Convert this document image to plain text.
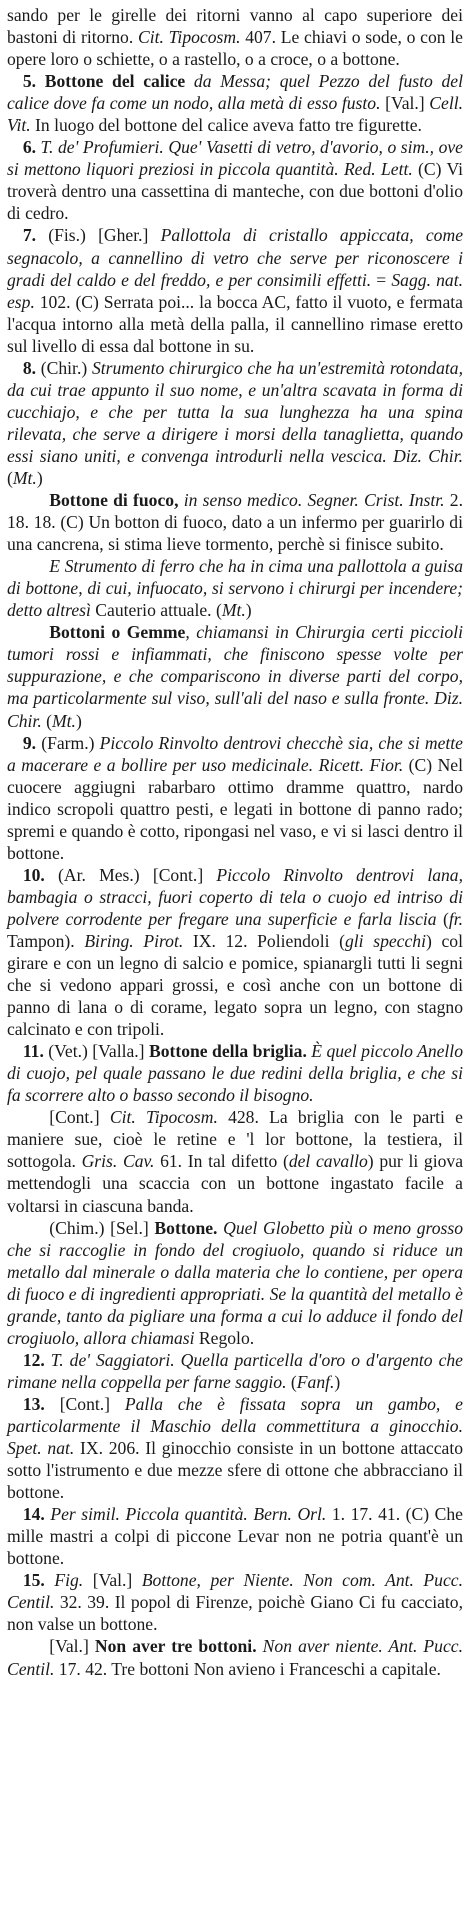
sando per le girelle dei ritorni vanno al capo superiore dei bastoni di ritorno. Cit. Tipocosm. 407. Le chiavi o sode, o con le opere loro o schiette, o a rastello, o a croce, o a bottone.

5. Bottone del calice da Messa; quel Pezzo del fusto del calice dove fa come un nodo, alla metà di esso fusto. [Val.] Cell. Vit. In luogo del bottone del calice aveva fatto tre figurette.

6. T. de' Profumieri. Que' Vasetti di vetro, d'avorio, o sim., ove si mettono liquori preziosi in piccola quantità. Red. Lett. (C) Vi troverà dentro una cassettina di manteche, con due bottoni d'olio di cedro.

7. (Fis.) [Gher.] Pallottola di cristallo appiccata, come segnacolo, a cannellino di vetro che serve per riconoscere i gradi del caldo e del freddo, e per consimili effetti. = Sagg. nat. esp. 102. (C) Serrata poi... la bocca AC, fatto il vuoto, e fermata l'acqua intorno alla metà della palla, il cannellino rimase eretto sul livello di essa dal bottone in su.

8. (Chir.) Strumento chirurgico che ha un'estremità rotondata, da cui trae appunto il suo nome, e un'altra scavata in forma di cucchiajo, e che per tutta la sua lunghezza ha una spina rilevata, che serve a dirigere i morsi della tanaglietta, quando essi siano uniti, e convenga introdurli nella vescica. Diz. Chir. (Mt.)

Bottone di fuoco, in senso medico. Segner. Crist. Instr. 2. 18. 18. (C) Un botton di fuoco, dato a un infermo per guarirlo di una cancrena, si stima lieve tormento, perchè si finisce subito.

E Strumento di ferro che ha in cima una pallottola a guisa di bottone, di cui, infuocato, si servono i chirurgi per incendere; detto altresì Cauterio attuale. (Mt.)

Bottoni o Gemme, chiamansi in Chirurgia certi piccioli tumori rossi e infiammati, che finiscono spesse volte per suppurazione, e che compariscono in diverse parti del corpo, ma particolarmente sul viso, sull'ali del naso e sulla fronte. Diz. Chir. (Mt.)

9. (Farm.) Piccolo Rinvolto dentrovi checchè sia, che si mette a macerare e a bollire per uso medicinale. Ricett. Fior. (C) Nel cuocere aggiugni rabarbaro ottimo dramme quattro, nardo indico scropoli quattro pesti, e legati in bottone di panno rado; spremi e quando è cotto, ripongasi nel vaso, e vi si lasci dentro il bottone.

10. (Ar. Mes.) [Cont.] Piccolo Rinvolto dentrovi lana, bambagia o stracci, fuori coperto di tela o cuojo ed intriso di polvere corrodente per fregare una superficie e farla liscia (fr. Tampon). Biring. Pirot. IX. 12. Poliendoli (gli specchi) col girare e con un legno di salcio e pomice, spianargli tutti li segni che si vedono appari grossi, e così anche con un bottone di panno di lana o di corame, legato sopra un legno, con stagno calcinato e con tripoli.

11. (Vet.) [Valla.] Bottone della briglia. È quel piccolo Anello di cuojo, pel quale passano le due redini della briglia, e che si fa scorrere alto o basso secondo il bisogno.

[Cont.] Cit. Tipocosm. 428. La briglia con le parti e maniere sue, cioè le retine e 'l lor bottone, la testiera, il sottogola. Gris. Cav. 61. In tal difetto (del cavallo) pur li giova mettendogli una scaccia con un bottone ingastato facile a voltarsi in ciascuna banda.

(Chim.) [Sel.] Bottone. Quel Globetto più o meno grosso che si raccoglie in fondo del crogiuolo, quando si riduce un metallo dal minerale o dalla materia che lo contiene, per opera di fuoco e di ingredienti appropriati. Se la quantità del metallo è grande, tanto da pigliare una forma a cui lo adduce il fondo del crogiuolo, allora chiamasi Regolo.

12. T. de' Saggiatori. Quella particella d'oro o d'argento che rimane nella coppella per farne saggio. (Fanf.)

13. [Cont.] Palla che è fissata sopra un gambo, e particolarmente il Maschio della commettitura a ginocchio. Spet. nat. IX. 206. Il ginocchio consiste in un bottone attaccato sotto l'istrumento e due mezze sfere di ottone che abbracciano il bottone.

14. Per simil. Piccola quantità. Bern. Orl. 1. 17. 41. (C) Che mille mastri a colpi di piccone Levar non ne potria quant'è un bottone.

15. Fig. [Val.] Bottone, per Niente. Non com. Ant. Pucc. Centil. 32. 39. Il popol di Firenze, poichè Giano Ci fu cacciato, non valse un bottone.

[Val.] Non aver tre bottoni. Non aver niente. Ant. Pucc. Centil. 17. 42. Tre bottoni Non avieno i Franceschi a capitale.
